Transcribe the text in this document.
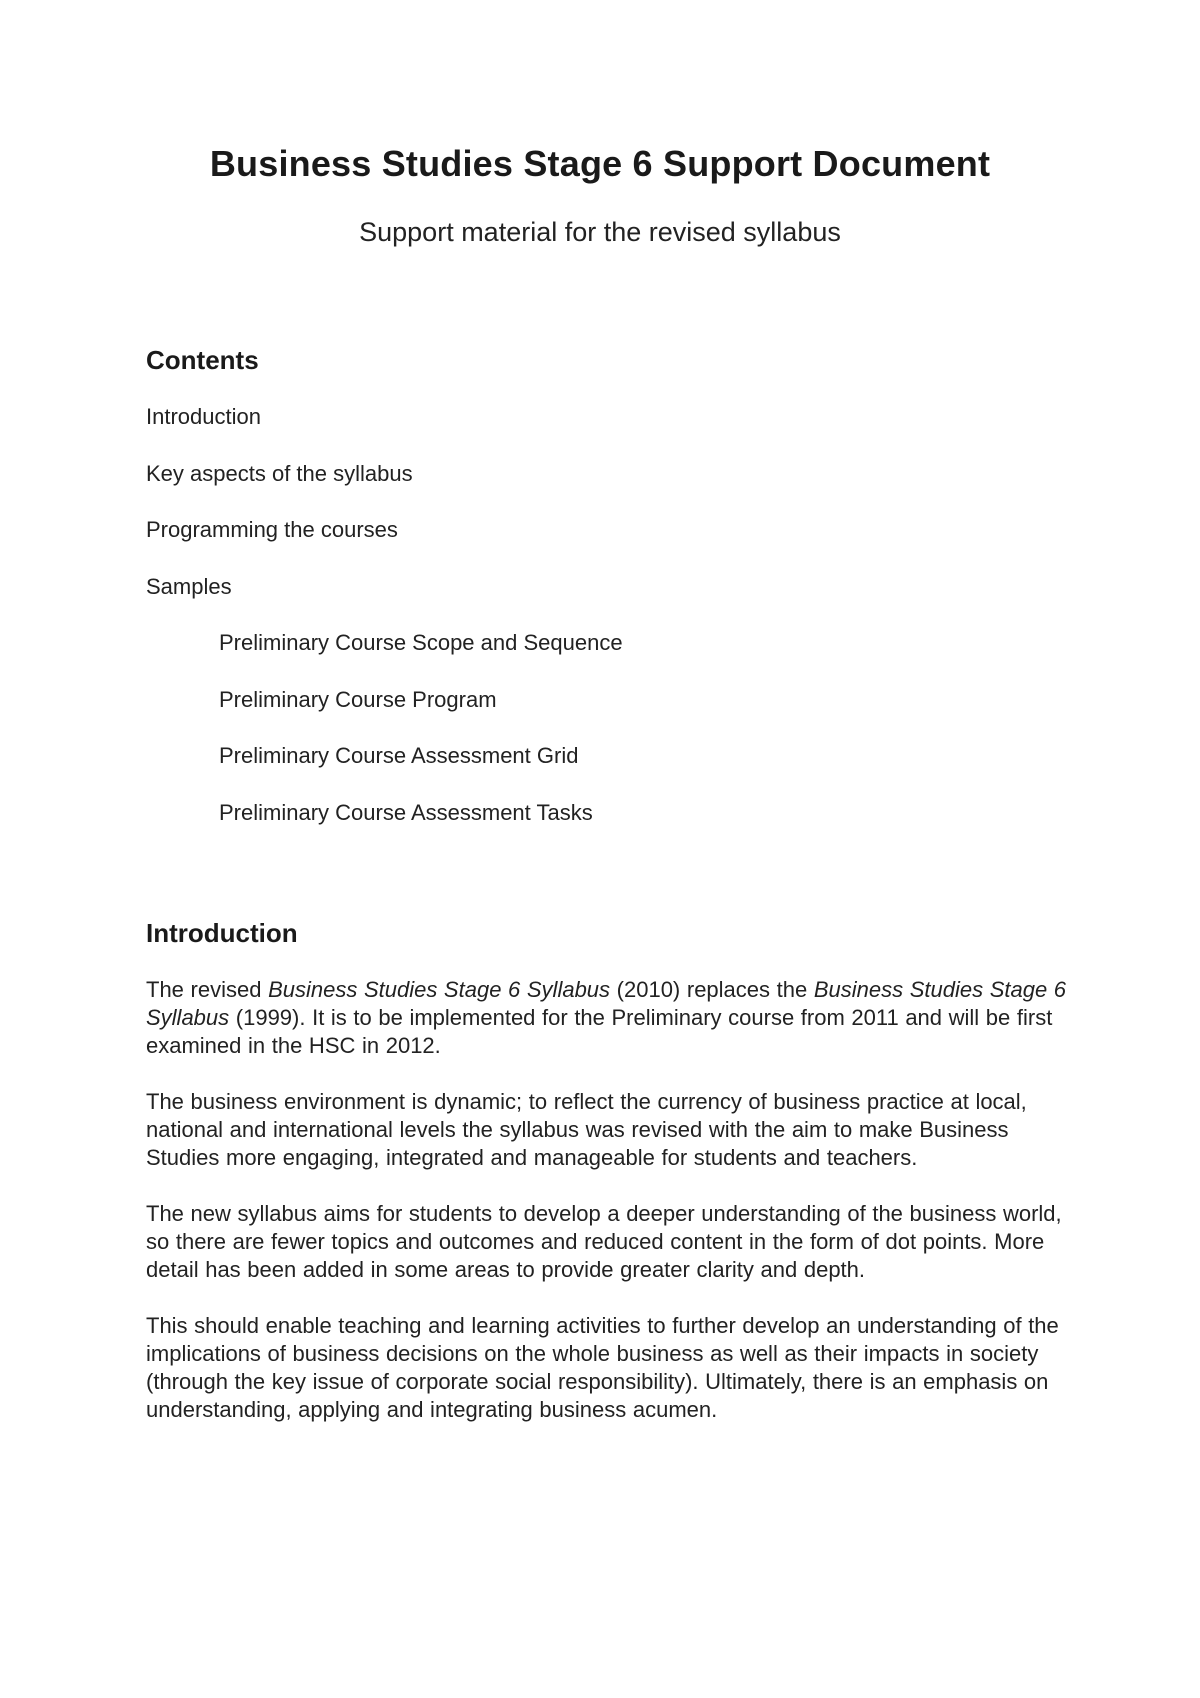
Business Studies Stage 6 Support Document
Support material for the revised syllabus
Contents
Introduction
Key aspects of the syllabus
Programming the courses
Samples
Preliminary Course Scope and Sequence
Preliminary Course Program
Preliminary Course Assessment Grid
Preliminary Course Assessment Tasks
Introduction

The revised Business Studies Stage 6 Syllabus (2010) replaces the Business Studies Stage 6 Syllabus (1999). It is to be implemented for the Preliminary course from 2011 and will be first examined in the HSC in 2012.

The business environment is dynamic; to reflect the currency of business practice at local, national and international levels the syllabus was revised with the aim to make Business Studies more engaging, integrated and manageable for students and teachers.

The new syllabus aims for students to develop a deeper understanding of the business world, so there are fewer topics and outcomes and reduced content in the form of dot points. More detail has been added in some areas to provide greater clarity and depth.

This should enable teaching and learning activities to further develop an understanding of the implications of business decisions on the whole business as well as their impacts in society (through the key issue of corporate social responsibility). Ultimately, there is an emphasis on understanding, applying and integrating business acumen.
